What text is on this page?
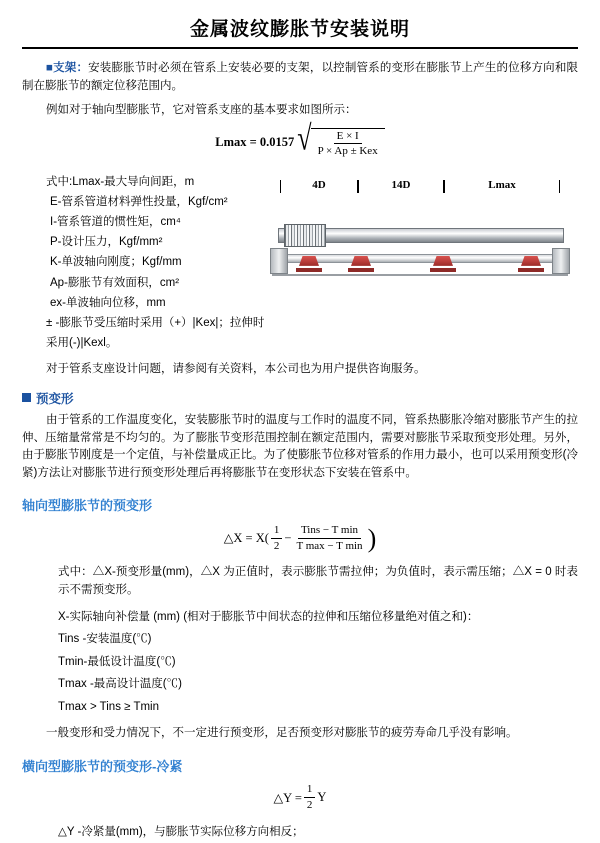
金属波纹膨胀节安装说明
■支架：安装膨胀节时必须在管系上安装必要的支架，以控制管系的变形在膨胀节上产生的位移方向和限制在膨胀节的额定位移范围内。
例如对于轴向型膨胀节，它对管系支座的基本要求如图所示：
Lmax = 0.0157 √ $\frac{E \times I}{\text{P × Ap ± Kex}}$
式中:Lmax-最大导向间距，m
E-管系管道材料弹性投量，Kgf/cm²
I-管系管道的惯性矩，cm⁴
P-设计压力，Kgf/mm²
K-单波轴向刚度；Kgf/mm
Ap-膨胀节有效面积，cm²
ex-单波轴向位移，mm
± -膨胀节受压缩时采用（+）|Kex|；拉伸时采用(-)|Kexl。
4D	14D	Lmax
对于管系支座设计问题，请参阅有关资料，本公司也为用户提供咨询服务。
预变形
由于管系的工作温度变化，安装膨胀节时的温度与工作时的温度不同，管系热膨胀冷缩对膨胀节产生的拉伸、压缩量常常是不均匀的。为了膨胀节变形范围控制在额定范围内，需要对膨胀节采取预变形处理。另外，由于膨胀节刚度是一个定值，与补偿量成正比。为了使膨胀节位移对管系的作用力最小，也可以采用预变形(冷紧)方法让对膨胀节进行预变形处理后再将膨胀节在变形状态下安装在管系中。
轴向型膨胀节的预变形
△X = $X( \frac{1}{2} - \frac{\text{Tins − T min}}{\text{T max − T min}}$ )
式中：△X-预变形量(mm)，△X 为正值时，表示膨胀节需拉伸；为负值时，表示需压缩；△X = 0 时表示不需预变形。
X-实际轴向补偿量 (mm) (相对于膨胀节中间状态的拉伸和压缩位移量绝对值之和)：
Tins -安装温度(℃)
Tmin-最低设计温度(℃)
Tmax -最高设计温度(℃)
Tmax > Tins ≥ Tmin
一般变形和受力情况下，不一定进行预变形，足否预变形对膨胀节的疲劳寿命几乎没有影响。
横向型膨胀节的预变形-冷紧
△Y = $\frac{1}{2}$ Y
△Y -冷紧量(mm)，与膨胀节实际位移方向相反；
